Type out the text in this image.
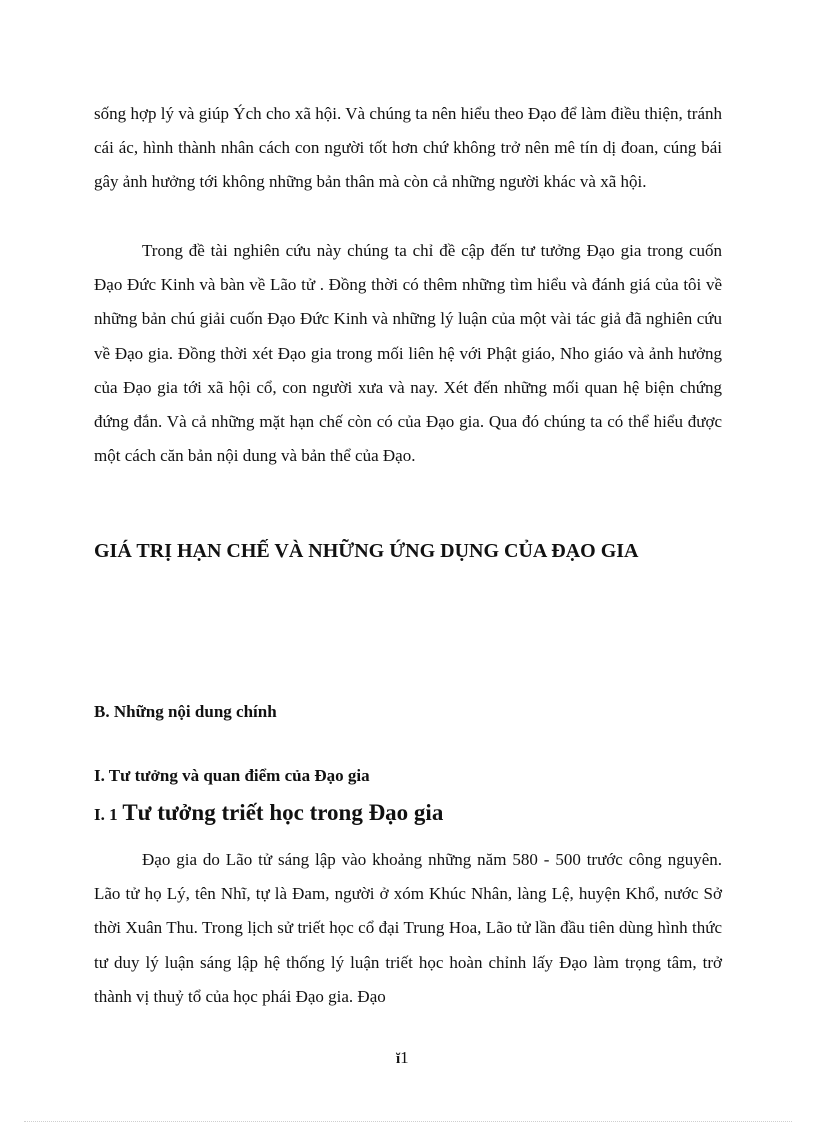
sống hợp lý và giúp Ých cho xã hội. Và chúng ta nên hiểu theo Đạo để làm điều thiện, tránh cái ác, hình thành nhân cách con người tốt hơn chứ không trở nên mê tín dị đoan, cúng bái gây ảnh hưởng tới không những bản thân mà còn cả những người khác và xã hội.

Trong đề tài nghiên cứu này chúng ta chỉ đề cập đến tư tưởng Đạo gia trong cuốn Đạo Đức Kinh và bàn về Lão tử . Đồng thời có thêm những tìm hiểu và đánh giá của tôi về những bản chú giải cuốn Đạo Đức Kinh và những lý luận của một vài tác giả đã nghiên cứu về Đạo gia. Đồng thời xét Đạo gia trong mối liên hệ với Phật giáo, Nho giáo và ảnh hưởng của Đạo gia tới xã hội cổ, con người xưa và nay. Xét đến những mối quan hệ biện chứng đứng đắn. Và cả những mặt hạn chế còn có của Đạo gia. Qua đó chúng ta có thể hiểu được một cách căn bản nội dung và bản thể của Đạo.

GIÁ TRỊ HẠN CHẾ VÀ NHỮNG ỨNG DỤNG CỦA ĐẠO GIA
B. Những nội dung chính
I. Tư tưởng và quan điểm của Đạo gia
I. 1 Tư tưởng triết học trong Đạo gia

Đạo gia do Lão tử sáng lập vào khoảng những năm 580 - 500 trước công nguyên. Lão tử họ Lý, tên Nhĩ, tự là Đam, người ở xóm Khúc Nhân, làng Lệ, huyện Khổ, nước Sở thời Xuân Thu. Trong lịch sử triết học cổ đại Trung Hoa, Lão tử lần đầu tiên dùng hình thức tư duy lý luận sáng lập hệ thống lý luận triết học hoàn chỉnh lấy Đạo làm trọng tâm, trở thành vị thuỷ tổ của học phái Đạo gia. Đạo

ĭ1
